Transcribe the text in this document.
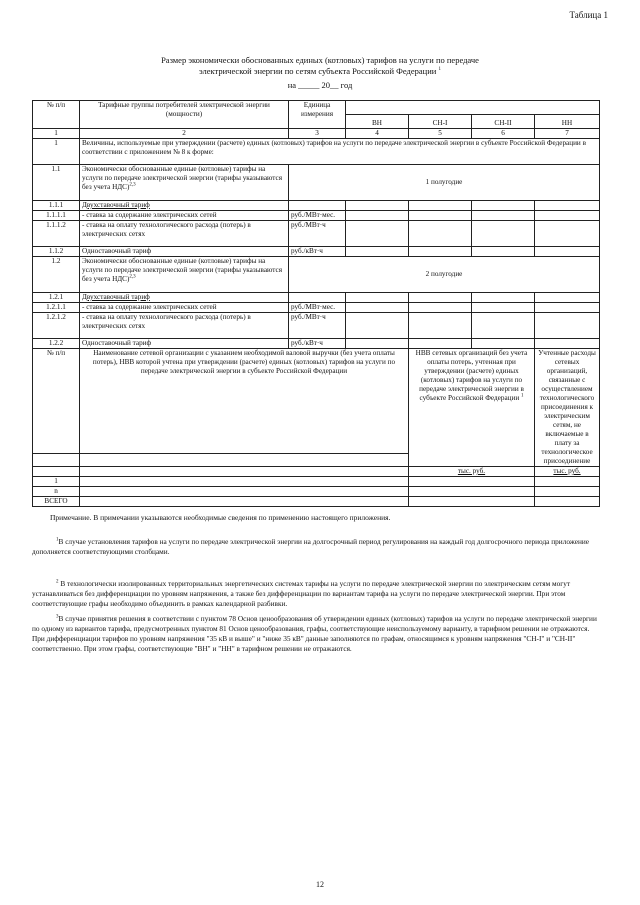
Таблица 1
Размер экономически обоснованных единых (котловых) тарифов на услуги по передаче
электрической энергии по сетям субъекта Российской Федерации $^1$
на _____ 20__ год
№ п/п	Тарифные группы потребителей электрической энергии (мощности)	Единица измерения				
			ВН	СН-I	СН-II	НН
1	2	3	4	5	6	7
1	Величины, используемые при утверждении (расчете) единых (котловых) тарифов на услуги по передаче электрической энергии в субъекте Российской Федерации в соответствии с приложением № 8 к форме:					
1.1	Экономически обоснованные единые (котловые) тарифы на услуги по передаче электрической энергии (тарифы указываются без учета НДС)$^{2,3}$	1 полугодие				
1.1.1	Двухставочный тариф					
1.1.1.1	- ставка за содержание электрических сетей	руб./МВт·мес.				
1.1.1.2	- ставка на оплату технологического расхода (потерь) в электрических сетях	руб./МВт·ч				
1.1.2	Одноставочный тариф	руб./кВт·ч				
1.2	Экономически обоснованные единые (котловые) тарифы на услуги по передаче электрической энергии (тарифы указываются без учета НДС)$^{2,3}$	2 полугодие				
1.2.1	Двухставочный тариф					
1.2.1.1	- ставка за содержание электрических сетей	руб./МВт·мес.				
1.2.1.2	- ставка на оплату технологического расхода (потерь) в электрических сетях	руб./МВт·ч				
1.2.2	Одноставочный тариф	руб./кВт·ч				
№ п/п	Наименование сетевой организации с указанием необходимой валовой выручки (без учета оплаты потерь), НВВ которой учтена при утверждении (расчете) единых (котловых) тарифов на услуги по передаче электрической энергии в субъекте Российской Федерации			НВВ сетевых организаций без учета оплаты потерь, учтенная при утверждении (расчете) единых (котловых) тарифов на услуги по передаче электрической энергии в субъекте Российской Федерации $^1$		Учтенные расходы сетевых организаций, связанные с осуществлением технологического присоединения к электрическим сетям, не включаемые в плату за технологическое присоединение

				тыс. руб.		тыс. руб.
1						
n						
ВСЕГО						
Примечание. В примечании указываются необходимые сведения по применению настоящего приложения.
$^1$В случае установления тарифов на услуги по передаче электрической энергии на долгосрочный период регулирования на каждый год долгосрочного периода приложение дополняется соответствующими столбцами.
$^2$ В технологически изолированных территориальных энергетических системах тарифы на услуги по передаче электрической энергии по электрическим сетям могут устанавливаться без дифференциации по уровням напряжения, а также без дифференциации по вариантам тарифа на услуги по передаче электрической энергии. При этом соответствующие графы необходимо объединить в рамках календарной разбивки.
$^3$В случае принятия решения в соответствии с пунктом 78 Основ ценообразования об утверждении единых (котловых) тарифов на услуги по передаче электрической энергии по одному из вариантов тарифа, предусмотренных пунктом 81 Основ ценообразования, графы, соответствующие неиспользуемому варианту, в тарифном решении не отражаются. При дифференциации тарифов по уровням напряжения "35 кВ и выше" и "ниже 35 кВ" данные заполняются по графам, относящимся к уровням напряжения "СН-I" и "СН-II" соответственно. При этом графы, соответствующие "ВН" и "НН" в тарифном решении не отражаются.
12
